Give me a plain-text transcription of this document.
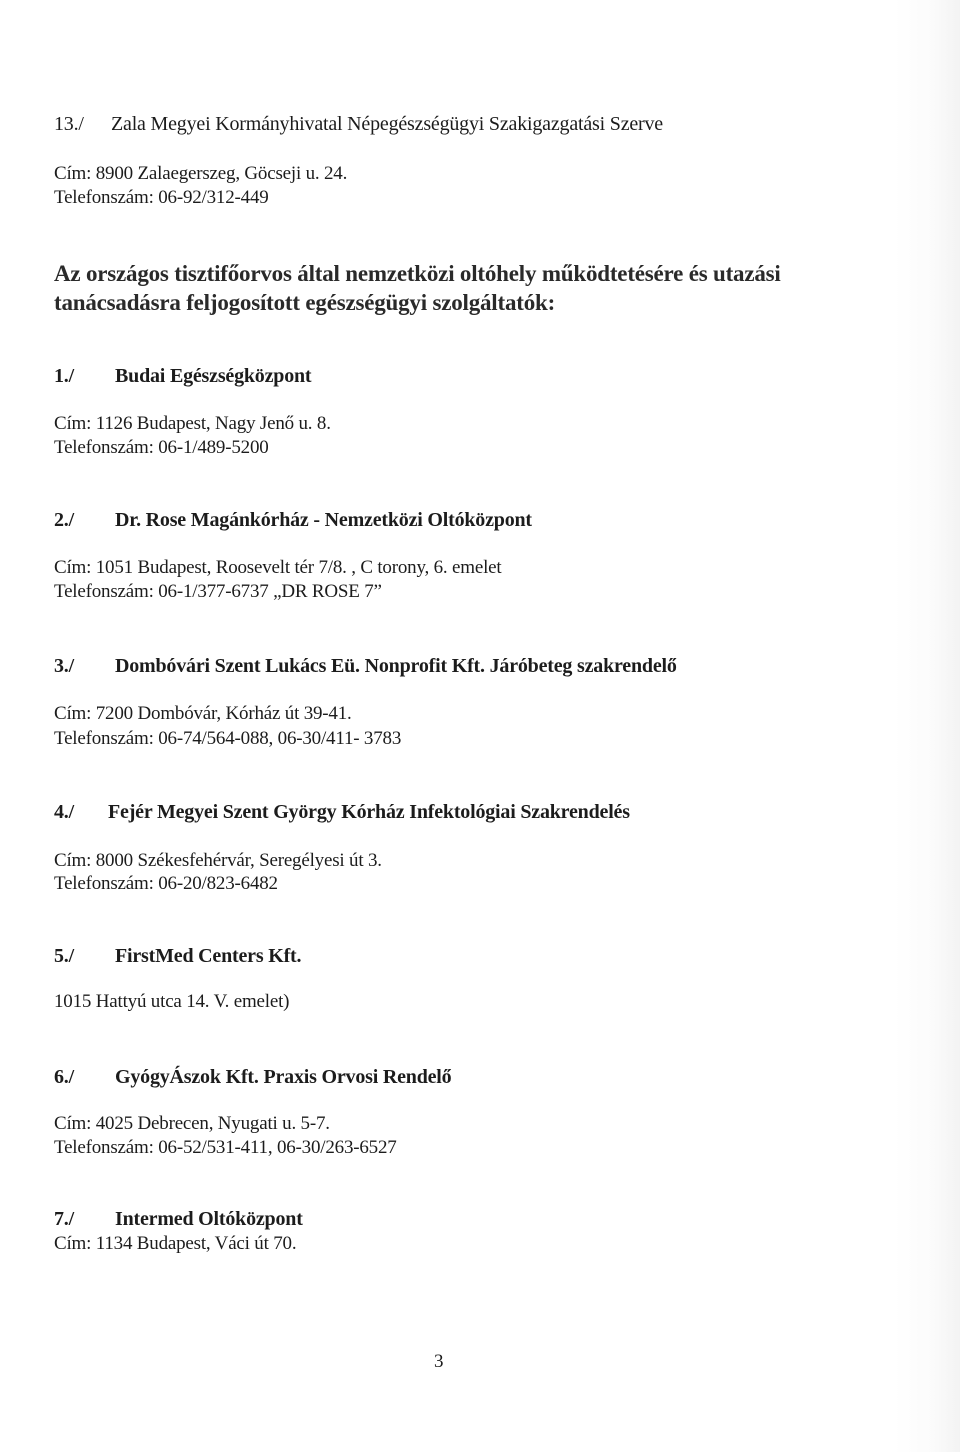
13./ Zala Megyei Kormányhivatal Népegészségügyi Szakigazgatási Szerve

Cím: 8900 Zalaegerszeg, Göcseji u. 24.

Telefonszám: 06-92/312-449

Az országos tisztifőorvos által nemzetközi oltóhely működtetésére és utazási

tanácsadásra feljogosított egészségügyi szolgáltatók:

1./ Budai Egészségközpont

Cím: 1126 Budapest, Nagy Jenő u. 8.

Telefonszám: 06-1/489-5200

2./ Dr. Rose Magánkórház - Nemzetközi Oltóközpont

Cím: 1051 Budapest, Roosevelt tér 7/8. , C torony, 6. emelet

Telefonszám: 06-1/377-6737 „DR ROSE 7”

3./ Dombóvári Szent Lukács Eü. Nonprofit Kft. Járóbeteg szakrendelő

Cím: 7200 Dombóvár, Kórház út 39-41.

Telefonszám: 06-74/564-088, 06-30/411- 3783

4./ Fejér Megyei Szent György Kórház Infektológiai Szakrendelés

Cím: 8000 Székesfehérvár, Seregélyesi út 3.

Telefonszám: 06-20/823-6482

5./ FirstMed Centers Kft.

1015 Hattyú utca 14. V. emelet)

6./ GyógyÁszok Kft. Praxis Orvosi Rendelő

Cím: 4025 Debrecen, Nyugati u. 5-7.

Telefonszám: 06-52/531-411, 06-30/263-6527

7./ Intermed Oltóközpont

Cím: 1134 Budapest, Váci út 70.

3
